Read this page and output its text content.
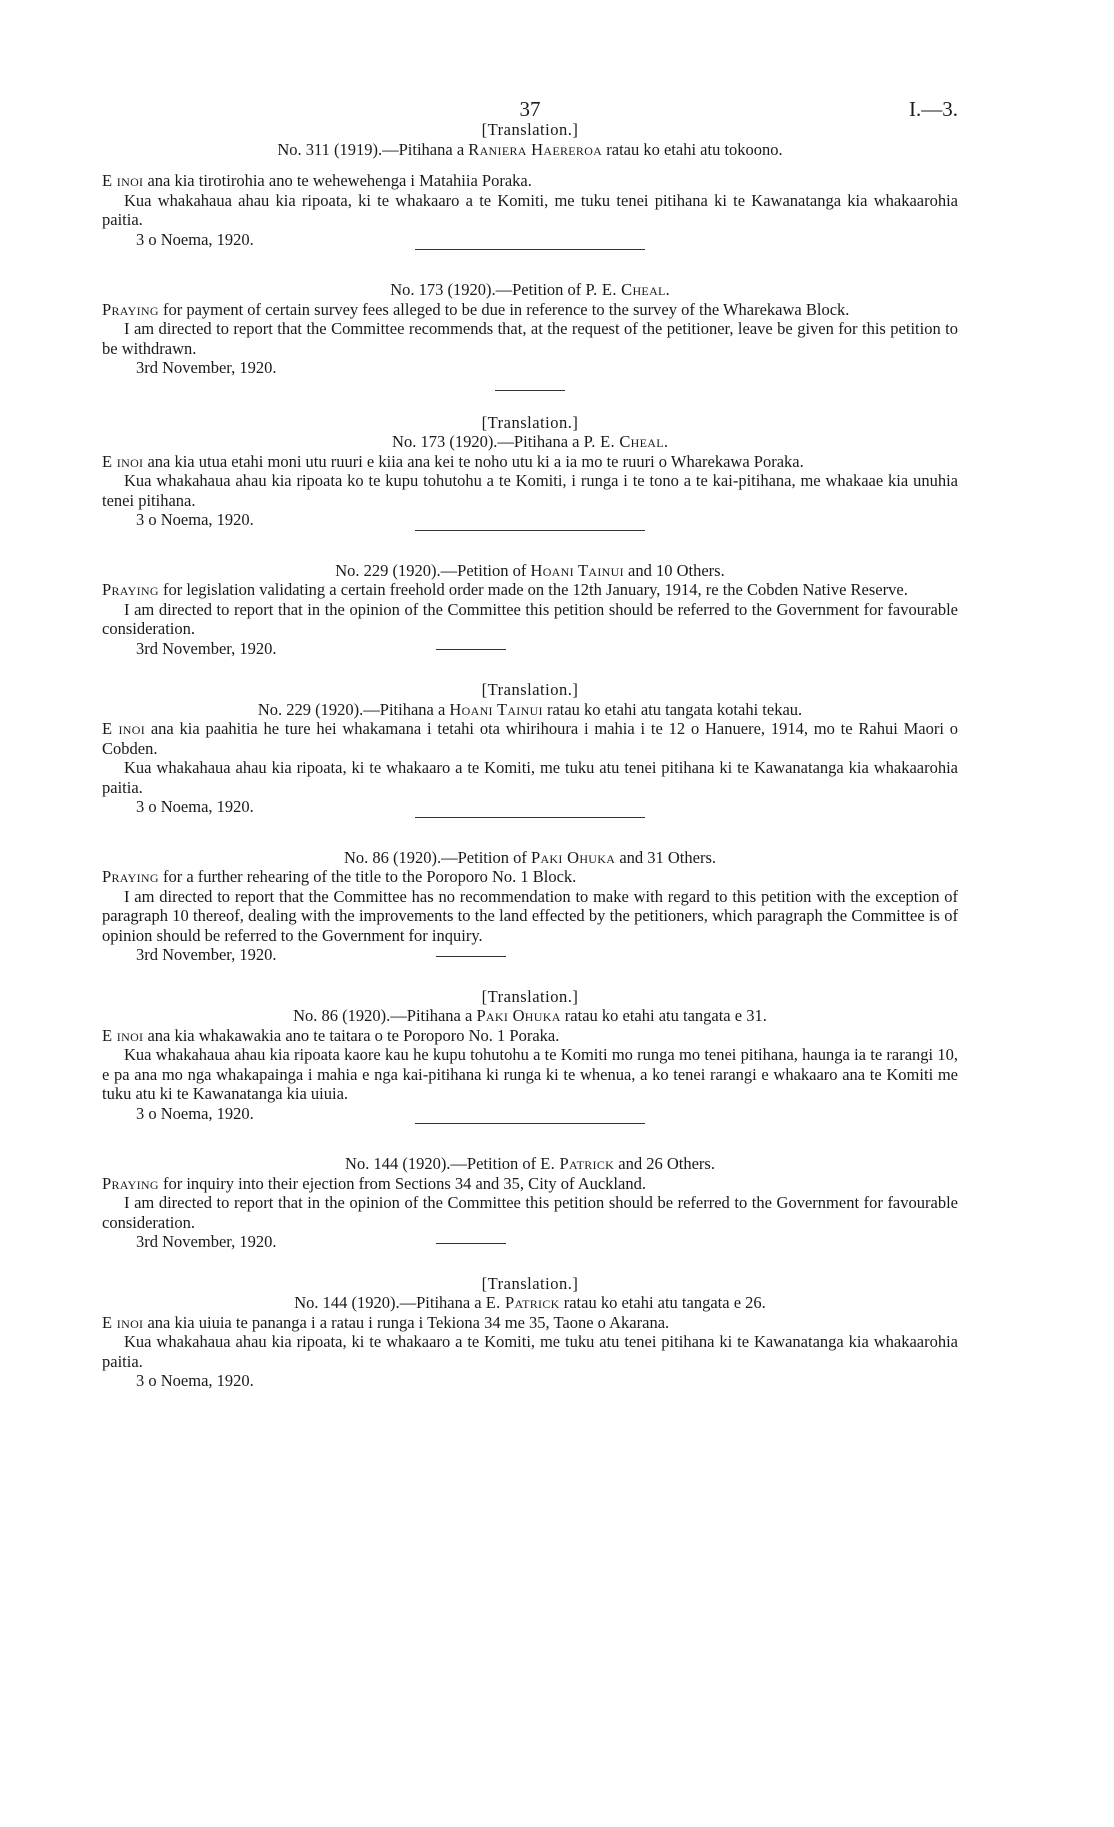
37	I.—3.

[Translation.]

No. 311 (1919).—Pitihana a Raniera Haereroa ratau ko etahi atu tokoono.

E inoi ana kia tirotirohia ano te wehewehenga i Matahiia Poraka.

Kua whakahaua ahau kia ripoata, ki te whakaaro a te Komiti, me tuku tenei pitihana ki te Kawanatanga kia whakaarohia paitia.

3 o Noema, 1920.

No. 173 (1920).—Petition of P. E. Cheal.

Praying for payment of certain survey fees alleged to be due in reference to the survey of the Wharekawa Block.

I am directed to report that the Committee recommends that, at the request of the petitioner, leave be given for this petition to be withdrawn.

3rd November, 1920.

[Translation.]

No. 173 (1920).—Pitihana a P. E. Cheal.

E inoi ana kia utua etahi moni utu ruuri e kiia ana kei te noho utu ki a ia mo te ruuri o Wharekawa Poraka.

Kua whakahaua ahau kia ripoata ko te kupu tohutohu a te Komiti, i runga i te tono a te kai-pitihana, me whakaae kia unuhia tenei pitihana.

3 o Noema, 1920.

No. 229 (1920).—Petition of Hoani Tainui and 10 Others.

Praying for legislation validating a certain freehold order made on the 12th January, 1914, re the Cobden Native Reserve.

I am directed to report that in the opinion of the Committee this petition should be referred to the Government for favourable consideration.

3rd November, 1920.

[Translation.]

No. 229 (1920).—Pitihana a Hoani Tainui ratau ko etahi atu tangata kotahi tekau.

E inoi ana kia paahitia he ture hei whakamana i tetahi ota whirihoura i mahia i te 12 o Hanuere, 1914, mo te Rahui Maori o Cobden.

Kua whakahaua ahau kia ripoata, ki te whakaaro a te Komiti, me tuku atu tenei pitihana ki te Kawanatanga kia whakaarohia paitia.

3 o Noema, 1920.

No. 86 (1920).—Petition of Paki Ohuka and 31 Others.

Praying for a further rehearing of the title to the Poroporo No. 1 Block.

I am directed to report that the Committee has no recommendation to make with regard to this petition with the exception of paragraph 10 thereof, dealing with the improvements to the land effected by the petitioners, which paragraph the Committee is of opinion should be referred to the Government for inquiry.

3rd November, 1920.

[Translation.]

No. 86 (1920).—Pitihana a Paki Ohuka ratau ko etahi atu tangata e 31.

E inoi ana kia whakawakia ano te taitara o te Poroporo No. 1 Poraka.

Kua whakahaua ahau kia ripoata kaore kau he kupu tohutohu a te Komiti mo runga mo tenei pitihana, haunga ia te rarangi 10, e pa ana mo nga whakapainga i mahia e nga kai-pitihana ki runga ki te whenua, a ko tenei rarangi e whakaaro ana te Komiti me tuku atu ki te Kawanatanga kia uiuia.

3 o Noema, 1920.

No. 144 (1920).—Petition of E. Patrick and 26 Others.

Praying for inquiry into their ejection from Sections 34 and 35, City of Auckland.

I am directed to report that in the opinion of the Committee this petition should be referred to the Government for favourable consideration.

3rd November, 1920.

[Translation.]

No. 144 (1920).—Pitihana a E. Patrick ratau ko etahi atu tangata e 26.

E inoi ana kia uiuia te pananga i a ratau i runga i Tekiona 34 me 35, Taone o Akarana.

Kua whakahaua ahau kia ripoata, ki te whakaaro a te Komiti, me tuku atu tenei pitihana ki te Kawanatanga kia whakaarohia paitia.

3 o Noema, 1920.
